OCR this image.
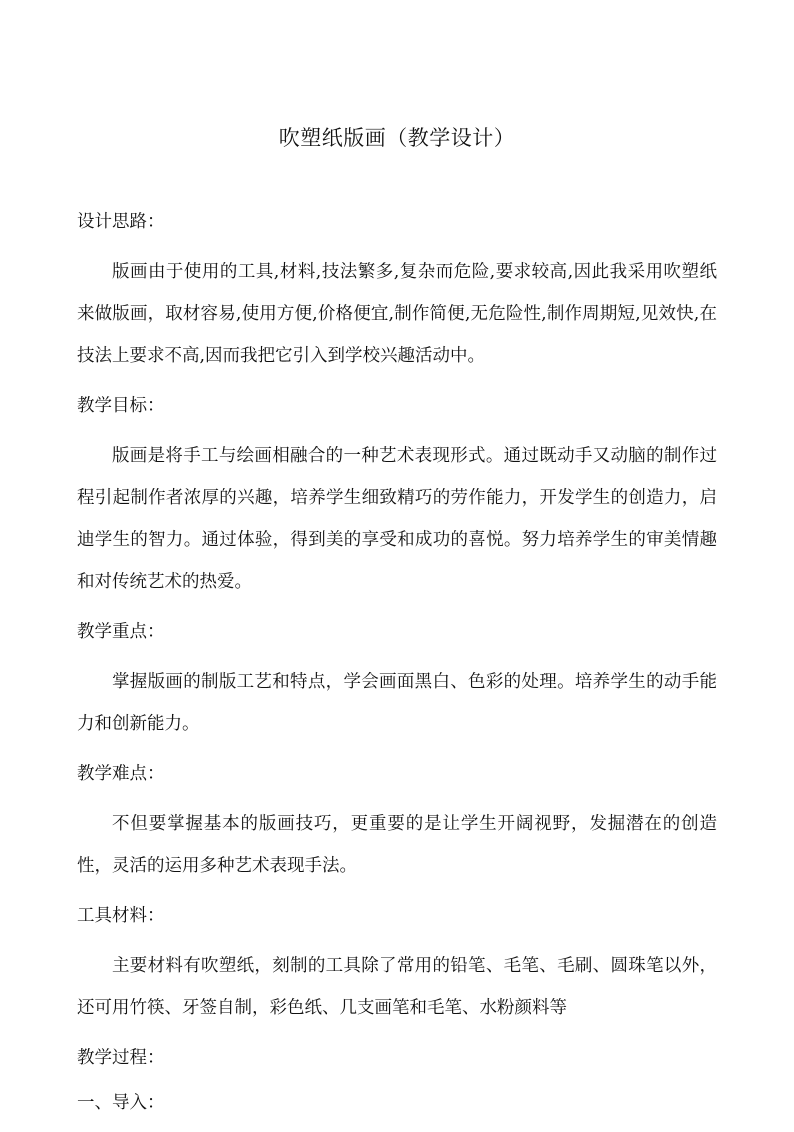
吹塑纸版画（教学设计）
设计思路：
版画由于使用的工具,材料,技法繁多,复杂而危险,要求较高,因此我采用吹塑纸来做版画，取材容易,使用方便,价格便宜,制作简便,无危险性,制作周期短,见效快,在技法上要求不高,因而我把它引入到学校兴趣活动中。
教学目标：
版画是将手工与绘画相融合的一种艺术表现形式。通过既动手又动脑的制作过程引起制作者浓厚的兴趣，培养学生细致精巧的劳作能力，开发学生的创造力，启迪学生的智力。通过体验，得到美的享受和成功的喜悦。努力培养学生的审美情趣和对传统艺术的热爱。
教学重点：
掌握版画的制版工艺和特点，学会画面黑白、色彩的处理。培养学生的动手能力和创新能力。
教学难点：
不但要掌握基本的版画技巧，更重要的是让学生开阔视野，发掘潜在的创造性，灵活的运用多种艺术表现手法。
工具材料：
主要材料有吹塑纸，刻制的工具除了常用的铅笔、毛笔、毛刷、圆珠笔以外，还可用竹筷、牙签自制，彩色纸、几支画笔和毛笔、水粉颜料等
教学过程：
一、导入：
